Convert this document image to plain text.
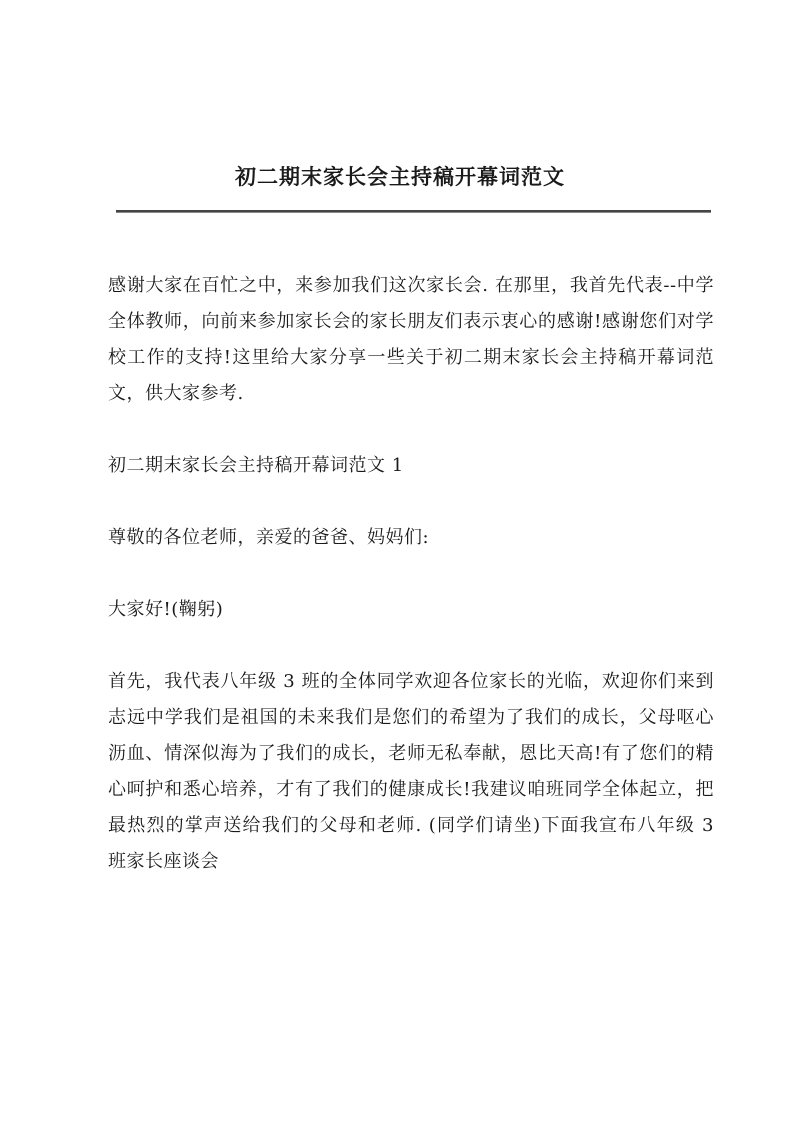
初二期末家长会主持稿开幕词范文

感谢大家在百忙之中，来参加我们这次家长会. 在那里，我首先代表--中学全体教师，向前来参加家长会的家长朋友们表示衷心的感谢!感谢您们对学校工作的支持!这里给大家分享一些关于初二期末家长会主持稿开幕词范文，供大家参考.

初二期末家长会主持稿开幕词范文 1

尊敬的各位老师，亲爱的爸爸、妈妈们:

大家好!(鞠躬)

首先，我代表八年级 3 班的全体同学欢迎各位家长的光临，欢迎你们来到志远中学我们是祖国的未来我们是您们的希望为了我们的成长，父母呕心沥血、情深似海为了我们的成长，老师无私奉献，恩比天高!有了您们的精心呵护和悉心培养，才有了我们的健康成长!我建议咱班同学全体起立，把最热烈的掌声送给我们的父母和老师. (同学们请坐)下面我宣布八年级 3 班家长座谈会
